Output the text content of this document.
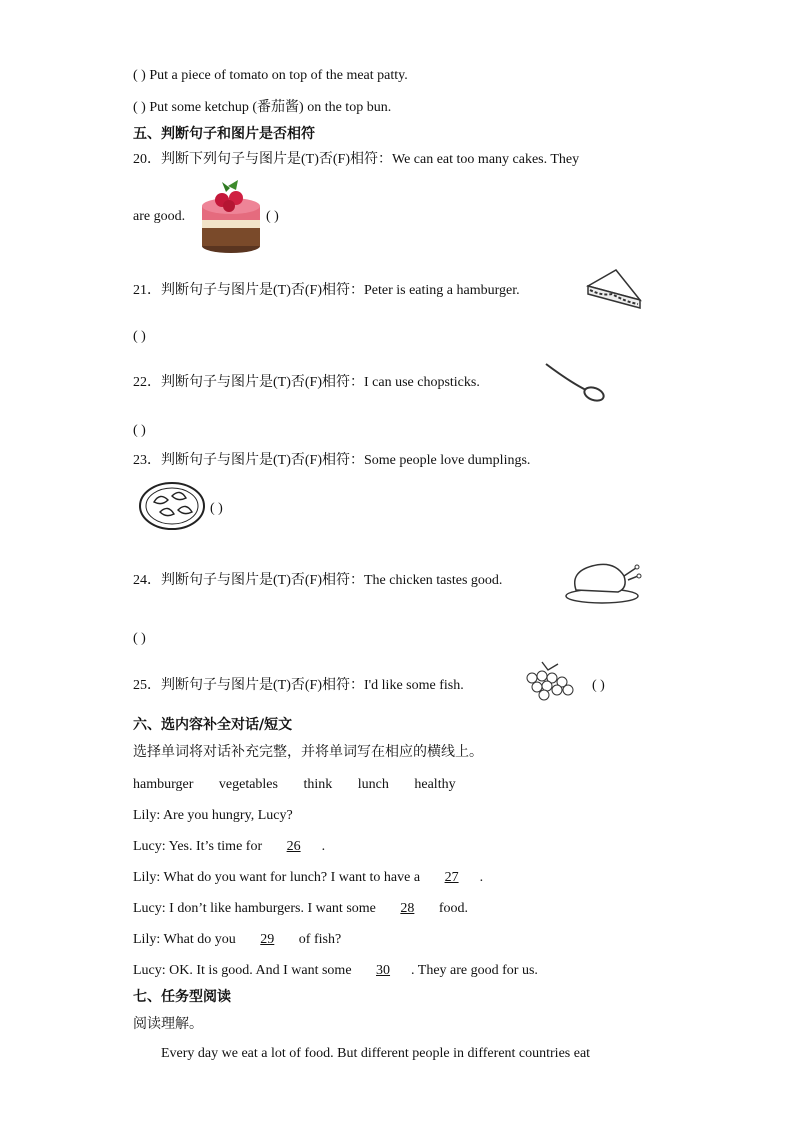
( ) Put a piece of tomato on top of the meat patty.
( ) Put some ketchup (番茄酱) on the top bun.
五、判断句子和图片是否相符
20．判断下列句子与图片是(T)否(F)相符：We can eat too many cakes. They
are good.	( )
21．判断句子与图片是(T)否(F)相符：Peter is eating a hamburger.
( )
22．判断句子与图片是(T)否(F)相符：I can use chopsticks.
( )
23．判断句子与图片是(T)否(F)相符：Some people love dumplings.
( )
24．判断句子与图片是(T)否(F)相符：The chicken tastes good.
( )
25．判断句子与图片是(T)否(F)相符：I'd like some fish.	( )
六、选内容补全对话/短文
选择单词将对话补充完整，并将单词写在相应的横线上。
hamburger vegetables think lunch healthy
Lily: Are you hungry, Lucy?
Lucy: Yes. It’s time for 26 .
Lily: What do you want for lunch? I want to have a 27 .
Lucy: I don’t like hamburgers. I want some 28 food.
Lily: What do you 29 of fish?
Lucy: OK. It is good. And I want some 30 . They are good for us.
七、任务型阅读
阅读理解。
Every day we eat a lot of food. But different people in different countries eat
